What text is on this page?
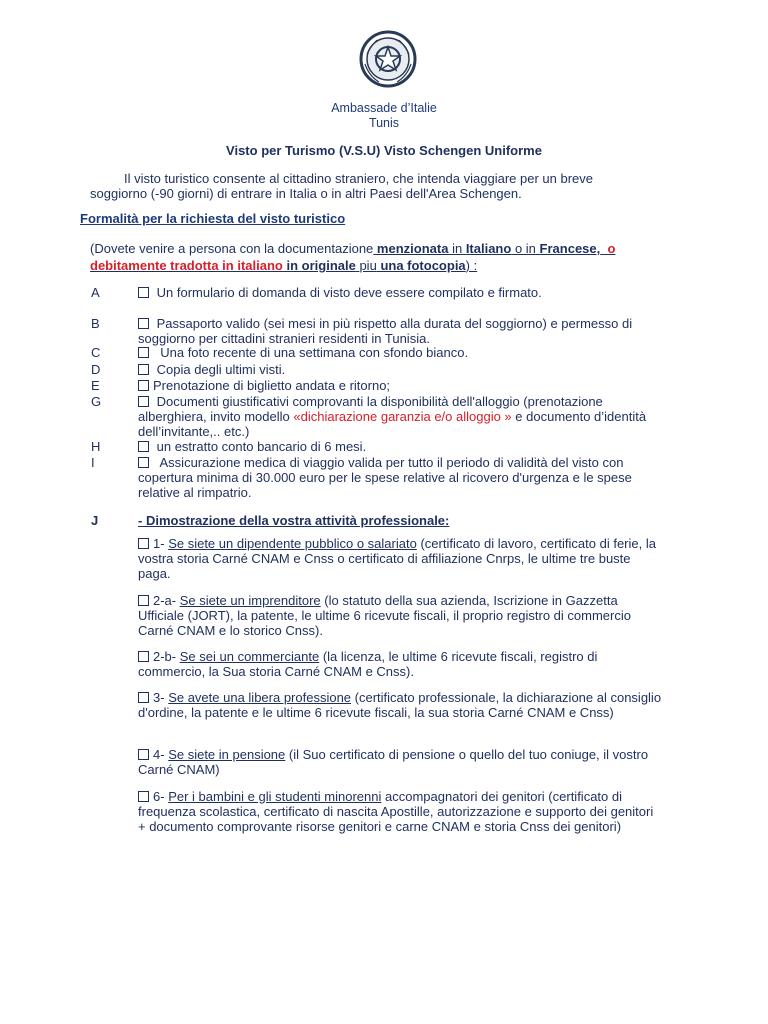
Ambassade d’Italie
Tunis
Visto per Turismo (V.S.U) Visto Schengen Uniforme
Il visto turistico consente al cittadino straniero, che intenda viaggiare per un breve soggiorno (-90 giorni) di entrare in Italia o in altri Paesi dell'Area Schengen.
Formalità per la richiesta del visto turistico
(Dovete venire a persona con la documentazione menzionata in Italiano o in Francese, o
debitamente tradotta in italiano in originale piu una fotocopia) :
A	Un formulario di domanda di visto deve essere compilato e firmato.
B	Passaporto valido (sei mesi in più rispetto alla durata del soggiorno) e permesso di soggiorno per cittadini stranieri residenti in Tunisia.
C	Una foto recente di una settimana con sfondo bianco.
D	Copia degli ultimi visti.
E	Prenotazione di biglietto andata e ritorno;
G	Documenti giustificativi comprovanti la disponibilità dell'alloggio (prenotazione alberghiera, invito modello «dichiarazione garanzia e/o alloggio » e documento d’identità dell’invitante,.. etc.)
H	un estratto conto bancario di 6 mesi.
I	Assicurazione medica di viaggio valida per tutto il periodo di validità del visto con copertura minima di 30.000 euro per le spese relative al ricovero d'urgenza e le spese relative al rimpatrio.
J	- Dimostrazione della vostra attività professionale:
1- Se siete un dipendente pubblico o salariato (certificato di lavoro, certificato di ferie, la vostra storia Carné CNAM e Cnss o certificato di affiliazione Cnrps, le ultime tre buste paga.
2-a- Se siete un imprenditore (lo statuto della sua azienda, Iscrizione in Gazzetta Ufficiale (JORT), la patente, le ultime 6 ricevute fiscali, il proprio registro di commercio Carné CNAM e lo storico Cnss).
2-b- Se sei un commerciante (la licenza, le ultime 6 ricevute fiscali, registro di commercio, la Sua storia Carné CNAM e Cnss).
3- Se avete una libera professione (certificato professionale, la dichiarazione al consiglio d'ordine, la patente e le ultime 6 ricevute fiscali, la sua storia Carné CNAM e Cnss)
4- Se siete in pensione (il Suo certificato di pensione o quello del tuo coniuge, il vostro Carné CNAM)
6- Per i bambini e gli studenti minorenni accompagnatori dei genitori (certificato di frequenza scolastica, certificato di nascita Apostille, autorizzazione e supporto dei genitori + documento comprovante risorse genitori e carne CNAM e storia Cnss dei genitori)
